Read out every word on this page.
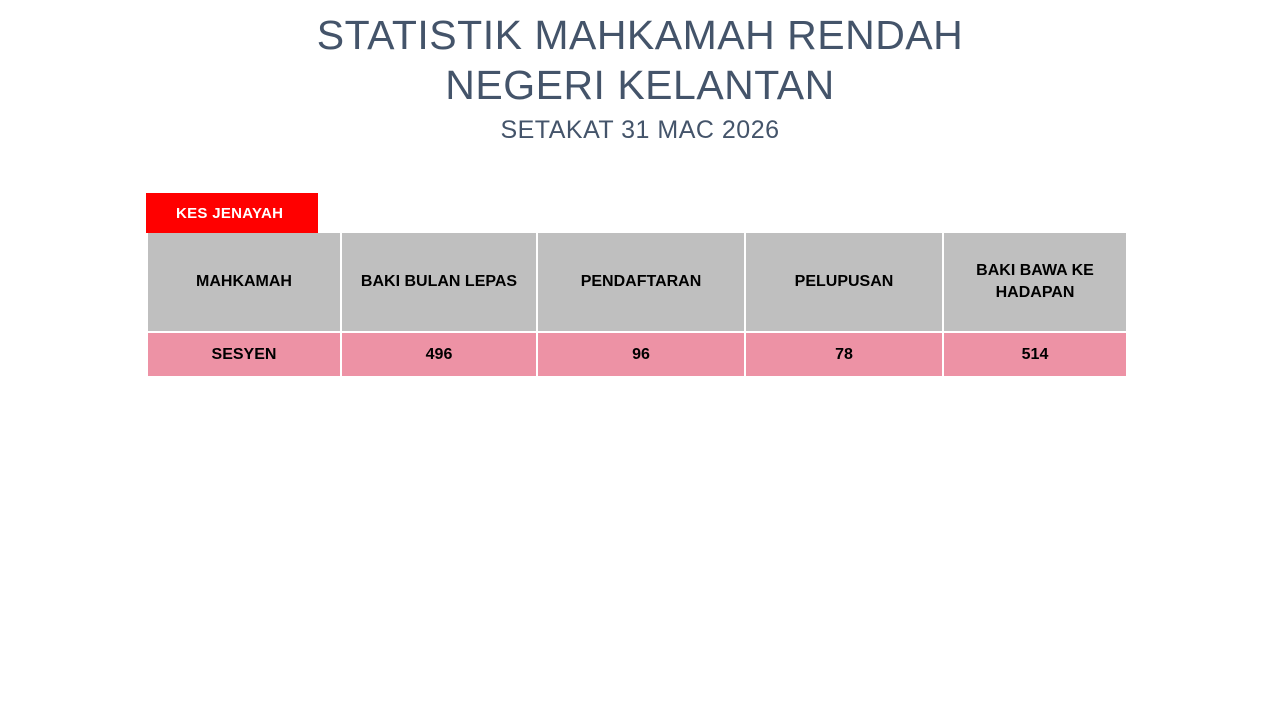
STATISTIK MAHKAMAH RENDAH
NEGERI KELANTAN
SETAKAT 31 MAC 2026
KES JENAYAH
MAHKAMAH	BAKI BULAN LEPAS	PENDAFTARAN	PELUPUSAN	BAKI BAWA KE HADAPAN
SESYEN	496	96	78	514
